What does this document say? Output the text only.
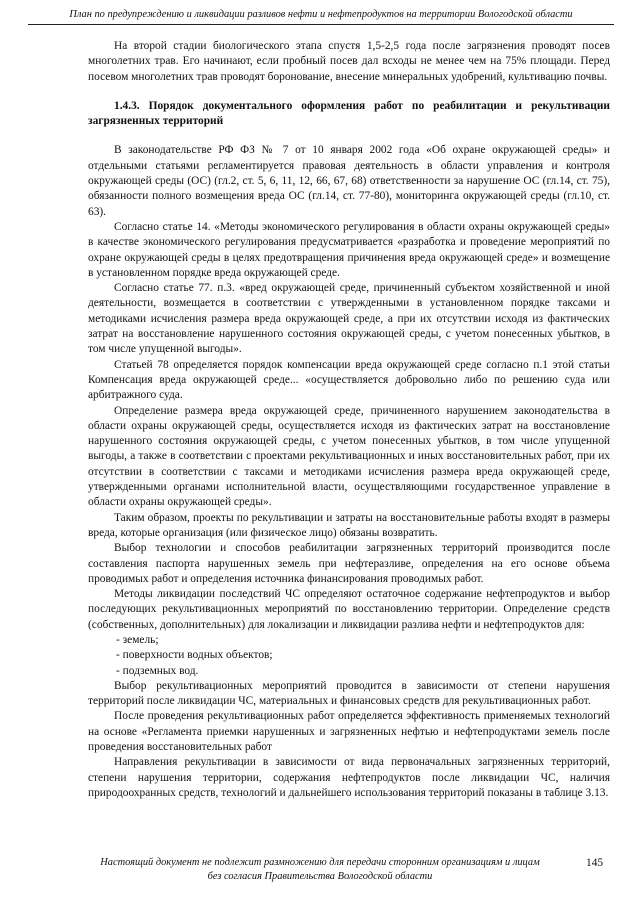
План по предупреждению и ликвидации разливов нефти и нефтепродуктов на территории Вологодской области

На второй стадии биологического этапа спустя 1,5-2,5 года после загрязнения проводят посев многолетних трав. Его начинают, если пробный посев дал всходы не менее чем на 75% площади. Перед посевом многолетних трав проводят боронование, внесение минеральных удобрений, культивацию почвы.

1.4.3. Порядок документального оформления работ по реабилитации и рекультивации загрязненных территорий

В законодательстве РФ ФЗ № 7 от 10 января 2002 года «Об охране окружающей среды» и отдельными статьями регламентируется правовая деятельность в области управления и контроля окружающей среды (ОС) (гл.2, ст. 5, 6, 11, 12, 66, 67, 68) ответственности за нарушение ОС (гл.14, ст. 75), обязанности полного возмещения вреда ОС (гл.14, ст. 77-80), мониторинга окружающей среды (гл.10, ст. 63).

Согласно статье 14. «Методы экономического регулирования в области охраны окружающей среды» в качестве экономического регулирования предусматривается «разработка и проведение мероприятий по охране окружающей среды в целях предотвращения причинения вреда окружающей среде» и возмещение в установленном порядке вреда окружающей среде.

Согласно статье 77. п.3. «вред окружающей среде, причиненный субъектом хозяйственной и иной деятельности, возмещается в соответствии с утвержденными в установленном порядке таксами и методиками исчисления размера вреда окружающей среде, а при их отсутствии исходя из фактических затрат на восстановление нарушенного состояния окружающей среды, с учетом понесенных убытков, в том числе упущенной выгоды».

Статьей 78 определяется порядок компенсации вреда окружающей среде согласно п.1 этой статьи Компенсация вреда окружающей среде... «осуществляется добровольно либо по решению суда или арбитражного суда.

Определение размера вреда окружающей среде, причиненного нарушением законодательства в области охраны окружающей среды, осуществляется исходя из фактических затрат на восстановление нарушенного состояния окружающей среды, с учетом понесенных убытков, в том числе упущенной выгоды, а также в соответствии с проектами рекультивационных и иных восстановительных работ, при их отсутствии в соответствии с таксами и методиками исчисления размера вреда окружающей среде, утвержденными органами исполнительной власти, осуществляющими государственное управление в области охраны окружающей среды».

Таким образом, проекты по рекультивации и затраты на восстановительные работы входят в размеры вреда, которые организация (или физическое лицо) обязаны возвратить.

Выбор технологии и способов реабилитации загрязненных территорий производится после составления паспорта нарушенных земель при нефтеразливе, определения на его основе объема проводимых работ и определения источника финансирования проводимых работ.

Методы ликвидации последствий ЧС определяют остаточное содержание нефтепродуктов и выбор последующих рекультивационных мероприятий по восстановлению территории. Определение средств (собственных, дополнительных) для локализации и ликвидации разлива нефти и нефтепродуктов для:

- земель;

- поверхности водных объектов;

- подземных вод.

Выбор рекультивационных мероприятий проводится в зависимости от степени нарушения территорий после ликвидации ЧС, материальных и финансовых средств для рекультивационных работ.

После проведения рекультивационных работ определяется эффективность применяемых технологий на основе «Регламента приемки нарушенных и загрязненных нефтью и нефтепродуктами земель после проведения восстановительных работ

Направления рекультивации в зависимости от вида первоначальных загрязненных территорий, степени нарушения территории, содержания нефтепродуктов после ликвидации ЧС, наличия природоохранных средств, технологий и дальнейшего использования территорий показаны в таблице 3.13.

Настоящий документ не подлежит размножению для передачи сторонним организациям и лицам
без согласия Правительства Вологодской области
145
